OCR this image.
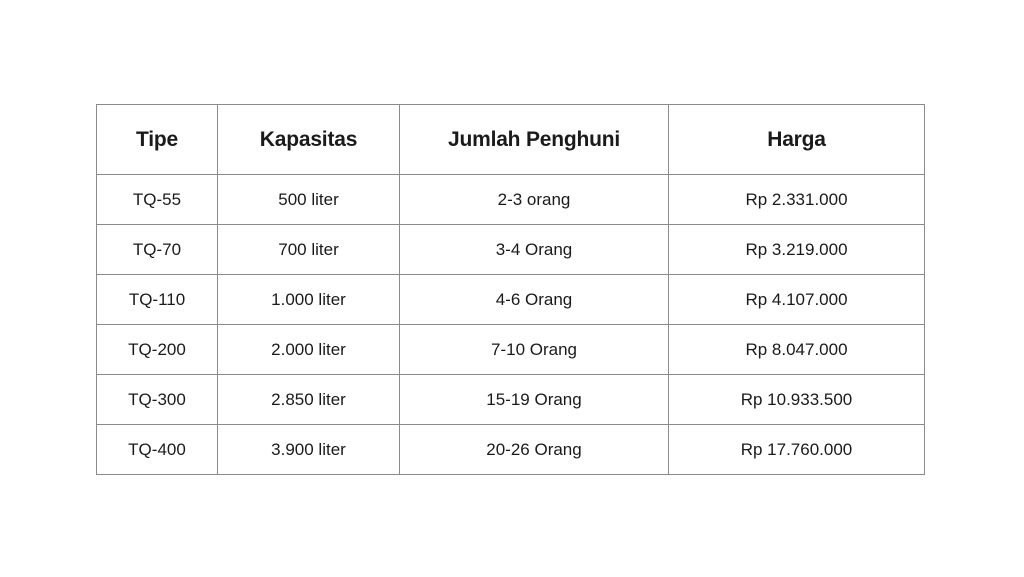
Tipe	Kapasitas	Jumlah Penghuni	Harga
TQ-55	500 liter	2-3 orang	Rp 2.331.000
TQ-70	700 liter	3-4 Orang	Rp 3.219.000
TQ-110	1.000 liter	4-6 Orang	Rp 4.107.000
TQ-200	2.000 liter	7-10 Orang	Rp 8.047.000
TQ-300	2.850 liter	15-19 Orang	Rp 10.933.500
TQ-400	3.900 liter	20-26 Orang	Rp 17.760.000
